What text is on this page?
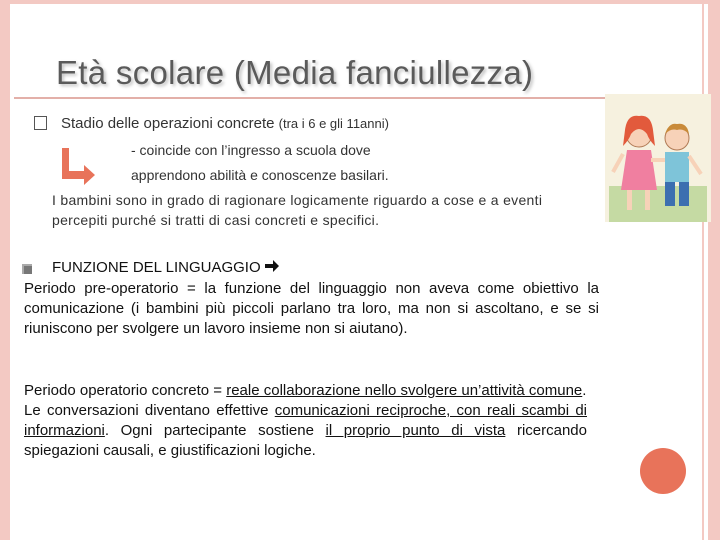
Età scolare (Media fanciullezza)
Stadio delle operazioni concrete (tra i 6 e gli 11anni)
- coincide con l’ingresso a scuola dove
apprendono abilità e conoscenze basilari.
I bambini sono in grado di ragionare logicamente riguardo a cose e a eventi percepiti purché si tratti di casi concreti e specifici.
FUNZIONE DEL LINGUAGGIO
Periodo pre-operatorio = la funzione del linguaggio non aveva come obiettivo la comunicazione (i bambini più piccoli parlano tra loro, ma non si ascoltano, e se si riuniscono per svolgere un lavoro insieme non si aiutano).
Periodo operatorio concreto = reale collaborazione nello svolgere un’attività comune.
Le conversazioni diventano effettive comunicazioni reciproche, con reali scambi di informazioni. Ogni partecipante sostiene il proprio punto di vista ricercando spiegazioni causali, e giustificazioni logiche.
